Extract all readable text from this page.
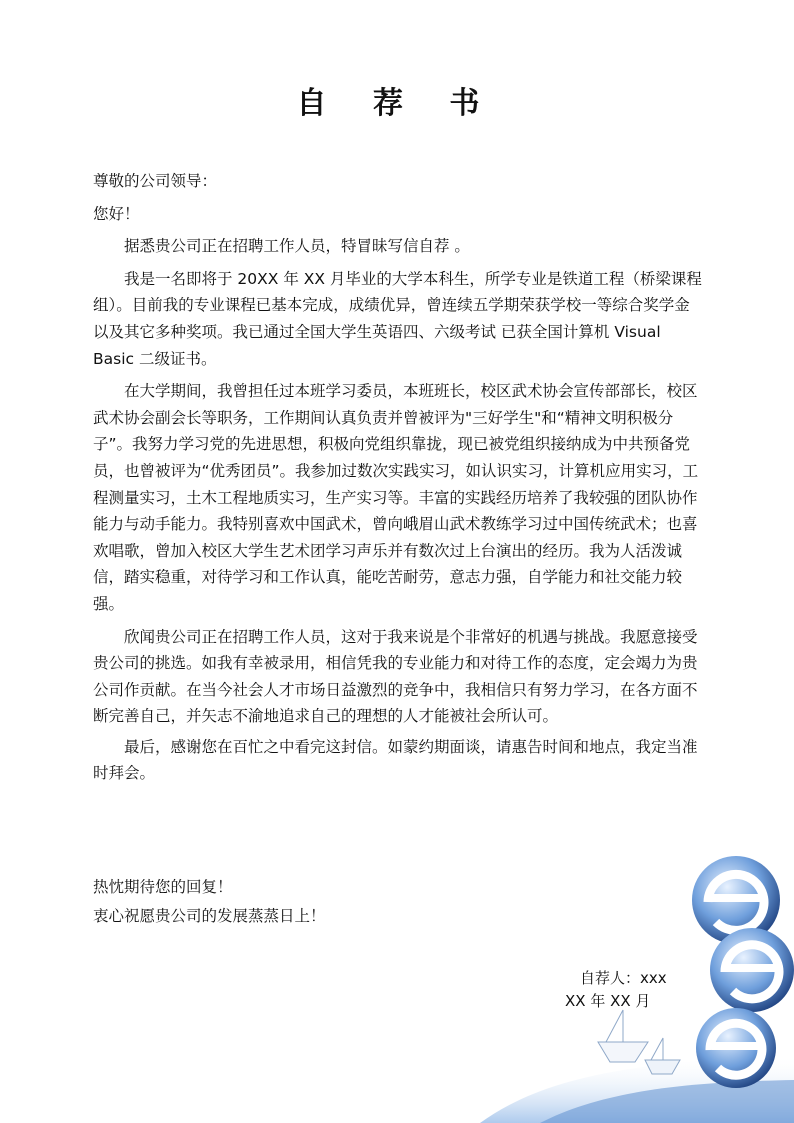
自 荐 书

尊敬的公司领导：

您好！

据悉贵公司正在招聘工作人员，特冒昧写信自荐 。

我是一名即将于 20XX 年 XX 月毕业的大学本科生，所学专业是铁道工程（桥梁课程组）。目前我的专业课程已基本完成，成绩优异，曾连续五学期荣获学校一等综合奖学金以及其它多种奖项。我已通过全国大学生英语四、六级考试 已获全国计算机 Visual Basic 二级证书。

在大学期间，我曾担任过本班学习委员，本班班长，校区武术协会宣传部部长，校区武术协会副会长等职务，工作期间认真负责并曾被评为"三好学生"和“精神文明积极分子”。我努力学习党的先进思想，积极向党组织靠拢，现已被党组织接纳成为中共预备党员，也曾被评为“优秀团员”。我参加过数次实践实习，如认识实习，计算机应用实习，工程测量实习，土木工程地质实习，生产实习等。丰富的实践经历培养了我较强的团队协作能力与动手能力。我特别喜欢中国武术，曾向峨眉山武术教练学习过中国传统武术；也喜欢唱歌，曾加入校区大学生艺术团学习声乐并有数次过上台演出的经历。我为人活泼诚信，踏实稳重，对待学习和工作认真，能吃苦耐劳，意志力强，自学能力和社交能力较强。

欣闻贵公司正在招聘工作人员，这对于我来说是个非常好的机遇与挑战。我愿意接受贵公司的挑选。如我有幸被录用，相信凭我的专业能力和对待工作的态度，定会竭力为贵公司作贡献。在当今社会人才市场日益激烈的竞争中，我相信只有努力学习，在各方面不断完善自己，并矢志不渝地追求自己的理想的人才能被社会所认可。

最后，感谢您在百忙之中看完这封信。如蒙约期面谈，请惠告时间和地点，我定当准时拜会。

热忱期待您的回复！

衷心祝愿贵公司的发展蒸蒸日上！

自荐人：xxx
XX 年 XX 月
